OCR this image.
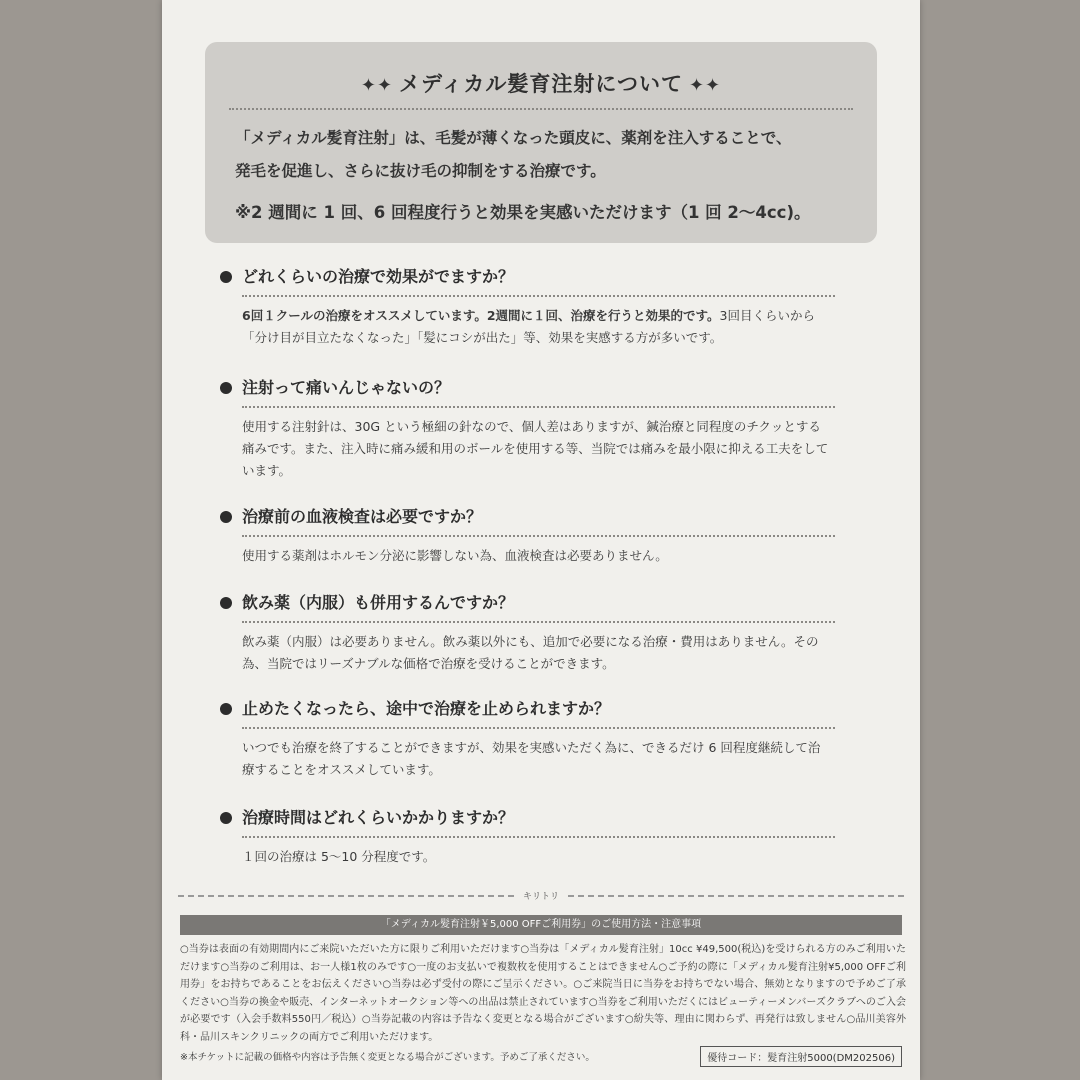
✦✦ メディカル髪育注射について ✦✦
「メディカル髪育注射」は、毛髪が薄くなった頭皮に、薬剤を注入することで、
発毛を促進し、さらに抜け毛の抑制をする治療です。
※2 週間に 1 回、6 回程度行うと効果を実感いただけます（1 回 2〜4cc)。
どれくらいの治療で効果がでますか？
6回１クールの治療をオススメしています。2週間に１回、治療を行うと効果的です。3回目くらいから「分け目が目立たなくなった」「髪にコシが出た」等、効果を実感する方が多いです。
注射って痛いんじゃないの？
使用する注射針は、30G という極細の針なので、個人差はありますが、鍼治療と同程度のチクッとする痛みです。また、注入時に痛み緩和用のボールを使用する等、当院では痛みを最小限に抑える工夫をしています。
治療前の血液検査は必要ですか？
使用する薬剤はホルモン分泌に影響しない為、血液検査は必要ありません。
飲み薬（内服）も併用するんですか？
飲み薬（内服）は必要ありません。飲み薬以外にも、追加で必要になる治療・費用はありません。その為、当院ではリーズナブルな価格で治療を受けることができます。
止めたくなったら、途中で治療を止められますか？
いつでも治療を終了することができますが、効果を実感いただく為に、できるだけ 6 回程度継続して治療することをオススメしています。
治療時間はどれくらいかかりますか？
１回の治療は 5〜10 分程度です。
キリトリ
「メディカル髪育注射￥5,000 OFFご利用券」のご使用方法・注意事項
○当券は表面の有効期間内にご来院いただいた方に限りご利用いただけます○当券は「メディカル髪育注射」10cc ¥49,500(税込)を受けられる方のみご利用いただけます○当券のご利用は、お一人様1枚のみです○一度のお支払いで複数枚を使用することはできません○ご予約の際に「メディカル髪育注射¥5,000 OFFご利用券」をお持ちであることをお伝えください○当券は必ず受付の際にご呈示ください。○ご来院当日に当券をお持ちでない場合、無効となりますので予めご了承ください○当券の換金や販売、インターネットオークション等への出品は禁止されています○当券をご利用いただくにはビューティーメンバーズクラブへのご入会が必要です（入会手数料550円／税込）○当券記載の内容は予告なく変更となる場合がございます○紛失等、理由に関わらず、再発行は致しません○品川美容外科・品川スキンクリニックの両方でご利用いただけます。
※本チケットに記載の価格や内容は予告無く変更となる場合がございます。予めご了承ください。	優待コード：髪育注射5000(DM202506)
